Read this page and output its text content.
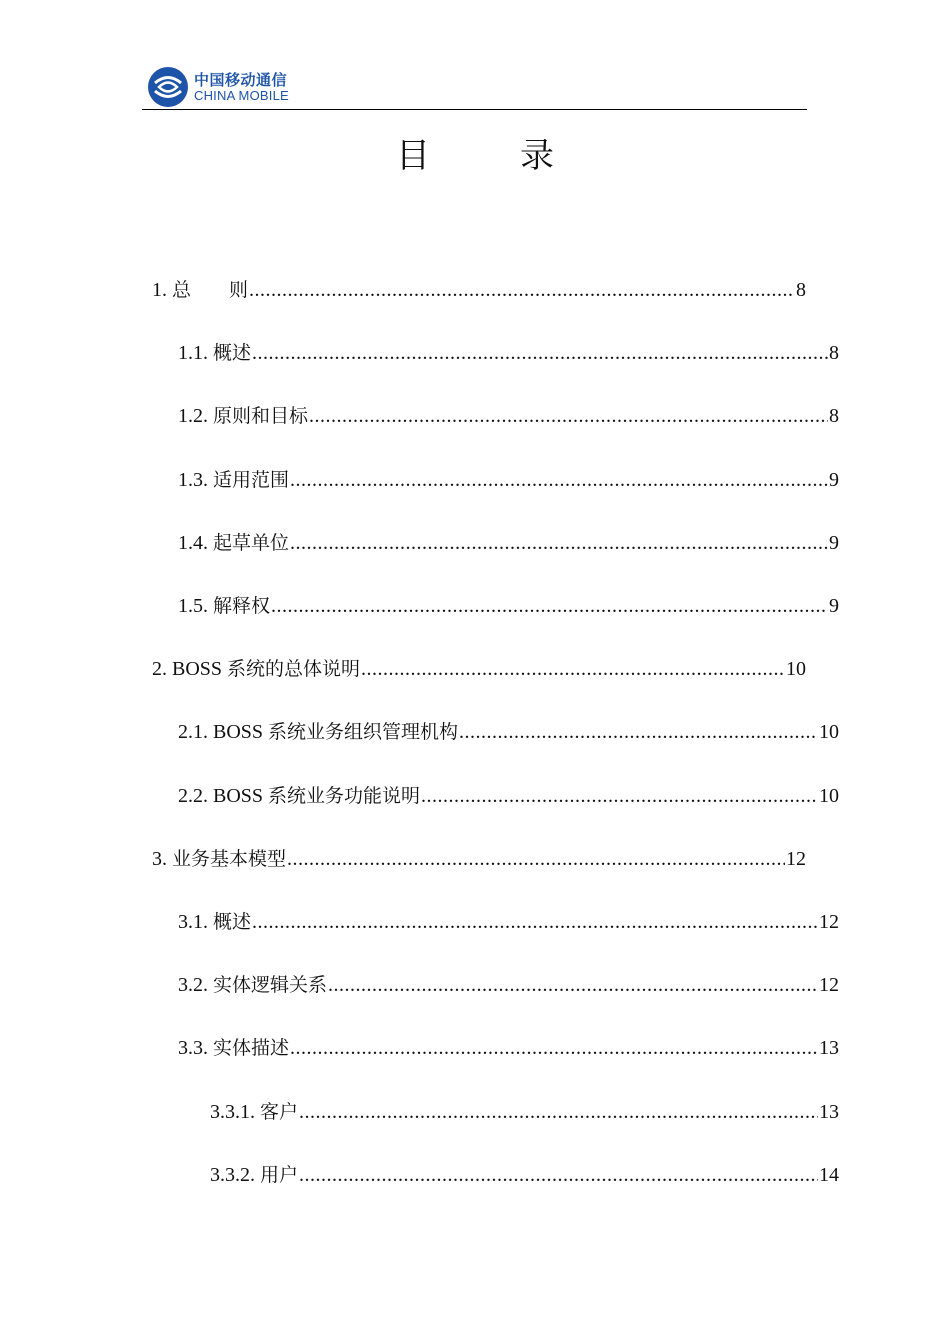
中国移动通信
CHINA MOBILE
目	录
1. 总　　则 .....	8
1.1. 概述 .....	8
1.2. 原则和目标 .....	8
1.3. 适用范围 .....	9
1.4. 起草单位 .....	9
1.5. 解释权 .....	9
2. BOSS 系统的总体说明 .....	10
2.1. BOSS 系统业务组织管理机构 .....	10
2.2. BOSS 系统业务功能说明 .....	10
3. 业务基本模型 .....	12
3.1. 概述 .....	12
3.2. 实体逻辑关系 .....	12
3.3. 实体描述 .....	13
3.3.1. 客户 .....	13
3.3.2. 用户 .....	14
